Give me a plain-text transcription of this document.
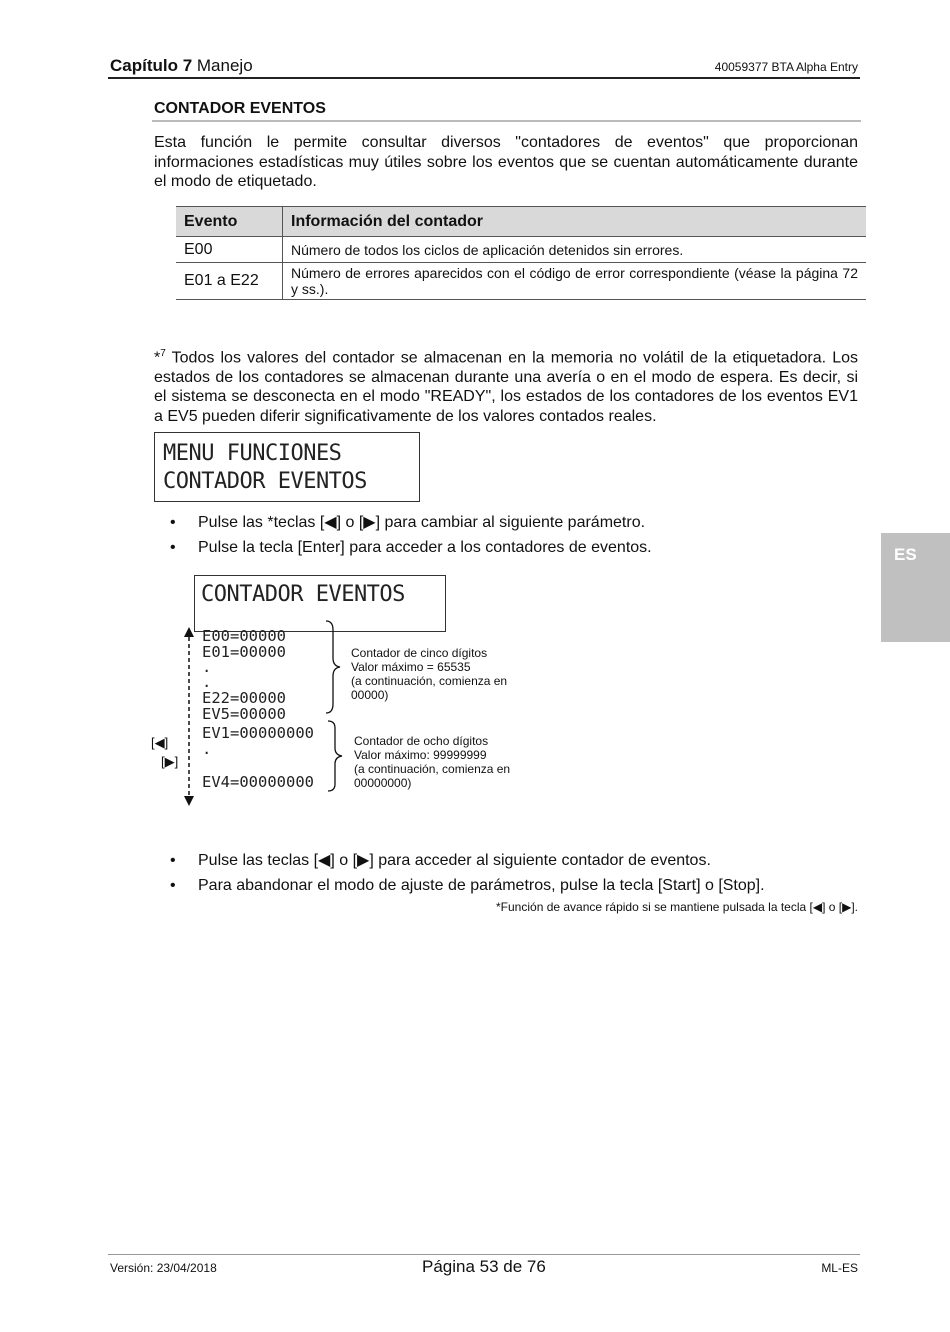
Capítulo 7 Manejo	40059377 BTA Alpha Entry
CONTADOR EVENTOS
Esta función le permite consultar diversos "contadores de eventos" que proporcionan informaciones estadísticas muy útiles sobre los eventos que se cuentan automáticamente durante el modo de etiquetado.
Evento	Información del contador
E00	Número de todos los ciclos de aplicación detenidos sin errores.
E01 a E22	Número de errores aparecidos con el código de error correspondiente (véase la página 72 y ss.).
*$^7$ Todos los valores del contador se almacenan en la memoria no volátil de la etiquetadora. Los estados de los contadores se almacenan durante una avería o en el modo de espera. Es decir, si el sistema se desconecta en el modo "READY", los estados de los contadores de los eventos EV1 a EV5 pueden diferir significativamente de los valores contados reales.
MENU FUNCIONES
CONTADOR EVENTOS
• Pulse las *teclas [◀] o [▶] para cambiar al siguiente parámetro.
• Pulse la tecla [Enter] para acceder a los contadores de eventos.	ES
CONTADOR EVENTOS
E00=00000
E01=00000
.
.
E22=00000
EV5=00000
EV1=00000000
.
EV4=00000000
Contador de cinco dígitos
Valor máximo = 65535
(a continuación, comienza en
00000)
Contador de ocho dígitos
Valor máximo: 99999999
(a continuación, comienza en
00000000)
[◀]
[▶]
• Pulse las teclas [◀] o [▶] para acceder al siguiente contador de eventos.
• Para abandonar el modo de ajuste de parámetros, pulse la tecla [Start] o [Stop].
*Función de avance rápido si se mantiene pulsada la tecla [◀] o [▶].
Versión: 23/04/2018	Página 53 de 76	ML-ES
